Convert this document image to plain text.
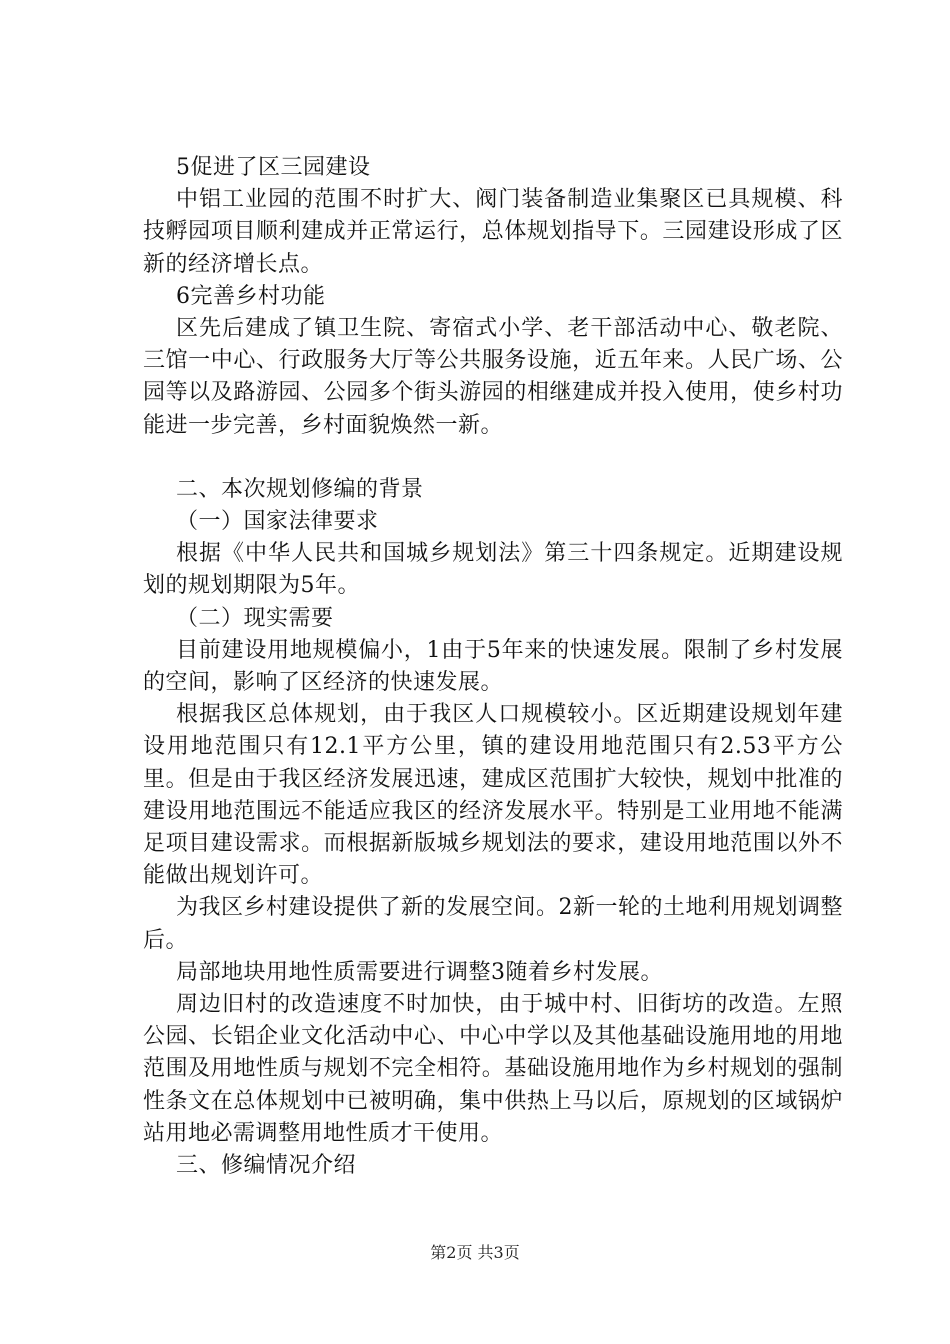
5促进了区三园建设

中铝工业园的范围不时扩大、阀门装备制造业集聚区已具规模、科技孵园项目顺利建成并正常运行，总体规划指导下。三园建设形成了区新的经济增长点。

6完善乡村功能

区先后建成了镇卫生院、寄宿式小学、老干部活动中心、敬老院、三馆一中心、行政服务大厅等公共服务设施，近五年来。人民广场、公园等以及路游园、公园多个街头游园的相继建成并投入使用，使乡村功能进一步完善，乡村面貌焕然一新。

二、本次规划修编的背景

（一）国家法律要求

根据《中华人民共和国城乡规划法》第三十四条规定。近期建设规划的规划期限为5年。

（二）现实需要

目前建设用地规模偏小，1由于5年来的快速发展。限制了乡村发展的空间，影响了区经济的快速发展。

根据我区总体规划，由于我区人口规模较小。区近期建设规划年建设用地范围只有12.1平方公里，镇的建设用地范围只有2.53平方公里。但是由于我区经济发展迅速，建成区范围扩大较快，规划中批准的建设用地范围远不能适应我区的经济发展水平。特别是工业用地不能满足项目建设需求。而根据新版城乡规划法的要求，建设用地范围以外不能做出规划许可。

为我区乡村建设提供了新的发展空间。2新一轮的土地利用规划调整后。

局部地块用地性质需要进行调整3随着乡村发展。

周边旧村的改造速度不时加快，由于城中村、旧街坊的改造。左照公园、长铝企业文化活动中心、中心中学以及其他基础设施用地的用地范围及用地性质与规划不完全相符。基础设施用地作为乡村规划的强制性条文在总体规划中已被明确，集中供热上马以后，原规划的区域锅炉站用地必需调整用地性质才干使用。

三、修编情况介绍

第2页 共3页
